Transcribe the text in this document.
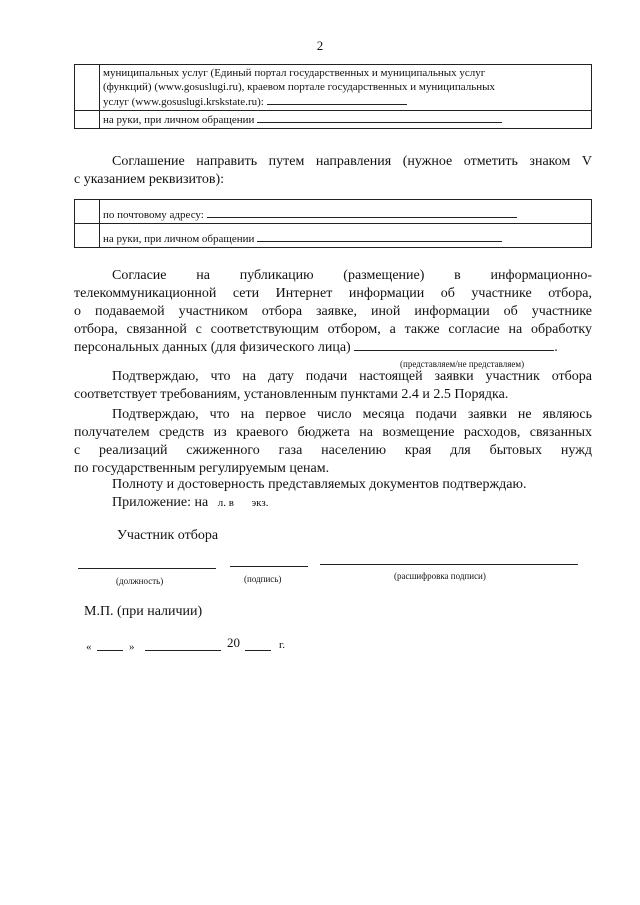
2

	муниципальных услуг (Единый портал государственных и муниципальных услуг
(функций) (www.gosuslugi.ru), краевом портале государственных и муниципальных
услуг (www.gosuslugi.krskstate.ru):

	на руки, при личном обращении
Соглашение направить путем направления (нужное отметить знаком V
с указанием реквизитов):
	по почтовому адресу:
	на руки, при личном обращении
Согласие на публикацию (размещение) в информационно-
телекоммуникационной сети Интернет информации об участнике отбора,
о подаваемой участником отбора заявке, иной информации об участнике
отбора, связанной с соответствующим отбором, а также согласие на обработку
персональных данных (для физического лица)	.
(представляем/не представляем)
Подтверждаю, что на дату подачи настоящей заявки участник отбора
соответствует требованиям, установленным пунктами 2.4 и 2.5 Порядка.
Подтверждаю, что на первое число месяца подачи заявки не являюсь
получателем средств из краевого бюджета на возмещение расходов, связанных
с реализаций сжиженного газа населению края для бытовых нужд
по государственным регулируемым ценам.
Полноту и достоверность представляемых документов подтверждаю.
Приложение: на л. в экз.
Участник отбора
(должность)	(подпись)	(расшифровка подписи)
М.П. (при наличии)
«	»	20	г.
